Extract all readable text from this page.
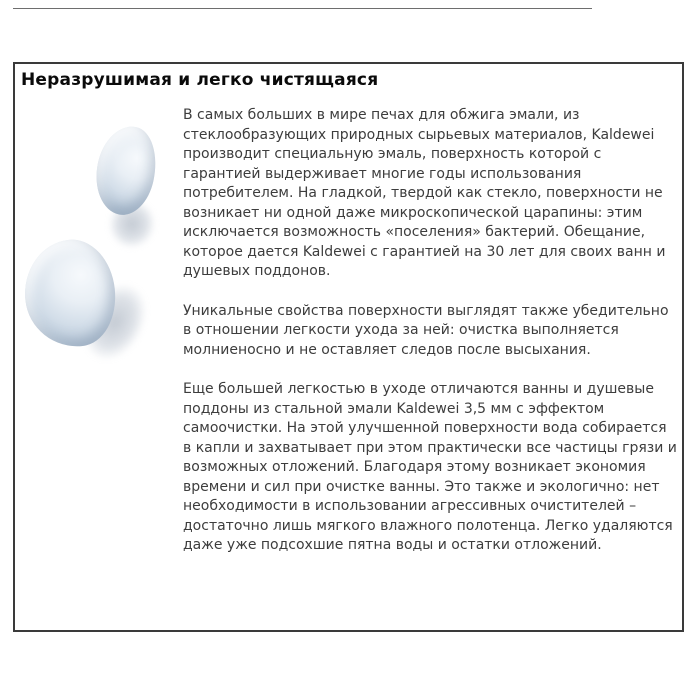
Неразрушимая и легко чистящаяся

В самых больших в мире печах для обжига эмали, из стеклообразующих природных сырьевых материалов, Kaldewei производит специальную эмаль, поверхность которой с гарантией выдерживает многие годы использования потребителем. На гладкой, твердой как стекло, поверхности не возникает ни одной даже микроскопической царапины: этим исключается возможность «поселения» бактерий. Обещание, которое дается Kaldewei с гарантией на 30 лет для своих ванн и душевых поддонов.

Уникальные свойства поверхности выглядят также убедительно в отношении легкости ухода за ней: очистка выполняется молниеносно и не оставляет следов после высыхания.

Еще большей легкостью в уходе отличаются ванны и душевые поддоны из стальной эмали Kaldewei 3,5 мм с эффектом самоочистки. На этой улучшенной поверхности вода собирается в капли и захватывает при этом практически все частицы грязи и возможных отложений. Благодаря этому возникает экономия времени и сил при очистке ванны. Это также и экологично: нет необходимости в использовании агрессивных очистителей – достаточно лишь мягкого влажного полотенца. Легко удаляются даже уже подсохшие пятна воды и остатки отложений.
